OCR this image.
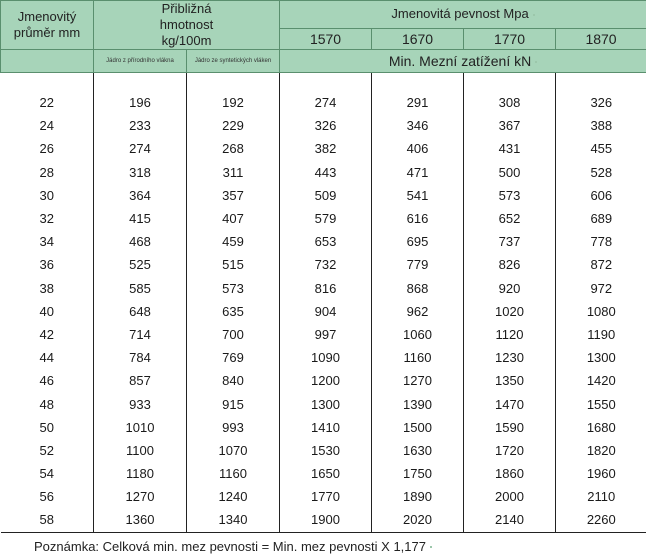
Jmenovitý průměr mm	Přibližná
hmotnost
kg/100m		Jmenovitá pevnost Mpa			
			1570	1670	1770	1870
	Jádro z přírodního vlákna	Jádro ze syntetických vláken	Min. Mezní zatížení kN			

22	196	192	274	291	308	326
24	233	229	326	346	367	388
26	274	268	382	406	431	455
28	318	311	443	471	500	528
30	364	357	509	541	573	606
32	415	407	579	616	652	689
34	468	459	653	695	737	778
36	525	515	732	779	826	872
38	585	573	816	868	920	972
40	648	635	904	962	1020	1080
42	714	700	997	1060	1120	1190
44	784	769	1090	1160	1230	1300
46	857	840	1200	1270	1350	1420
48	933	915	1300	1390	1470	1550
50	1010	993	1410	1500	1590	1680
52	1100	1070	1530	1630	1720	1820
54	1180	1160	1650	1750	1860	1960
56	1270	1240	1770	1890	2000	2110
58	1360	1340	1900	2020	2140	2260
Poznámka: Celková min. mez pevnosti = Min. mez pevnosti X 1,177
